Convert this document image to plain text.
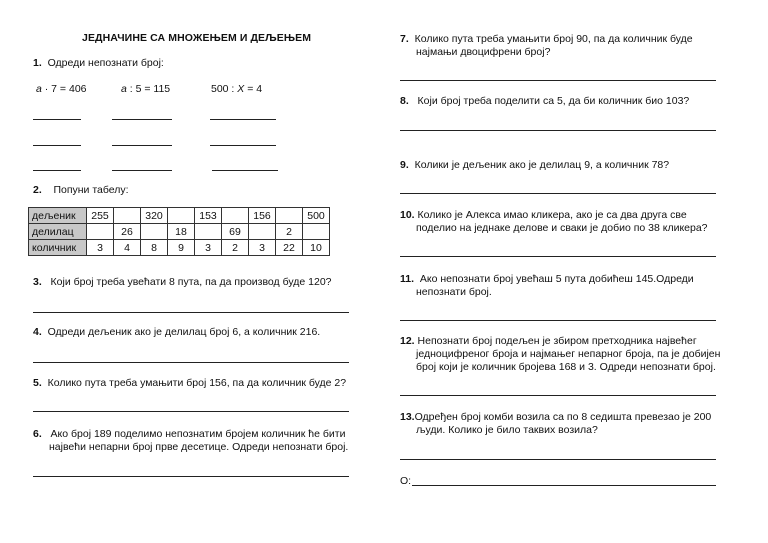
ЈЕДНАЧИНЕ СА МНОЖЕЊЕМ И ДЕЉЕЊЕМ
1. Одреди непознати број:
a · 7 = 406	a : 5 = 115	500 : X = 4
2. Попуни табелу:
дељеник	255		320		153		156		500
делилац		26		18		69		2	
количник	3	4	8	9	3	2	3	22	10
3. Који број треба увећати 8 пута, па да производ буде 120?
4. Одреди дељеник ако је делилац број 6, а количник 216.
5. Колико пута треба умањити број 156, па да количник буде 2?
6. Ако број 189 поделимо непознатим бројем количник ће бити
највећи непарни број прве десетице. Одреди непознати број.
7. Колико пута треба умањити број 90, па да количник буде
најмањи двоцифрени број?
8. Који број треба поделити са 5, да би количник био 103?
9. Колики је дељеник ако је делилац 9, а количник 78?
10. Колико је Алекса имао кликера, ако је са два друга све
поделио на једнаке делове и сваки је добио по 38 кликера?
11. Ако непознати број увећаш 5 пута добићеш 145.Одреди
непознати број.
12. Непознати број подељен је збиром претходника највећег
једноцифреног броја и најмањег непарног броја, па је добијен
број који је количник бројева 168 и 3. Одреди непознати број.
13.Одређен број комби возила са по 8 седишта превезао је 200
људи. Колико је било таквих возила?
О:
